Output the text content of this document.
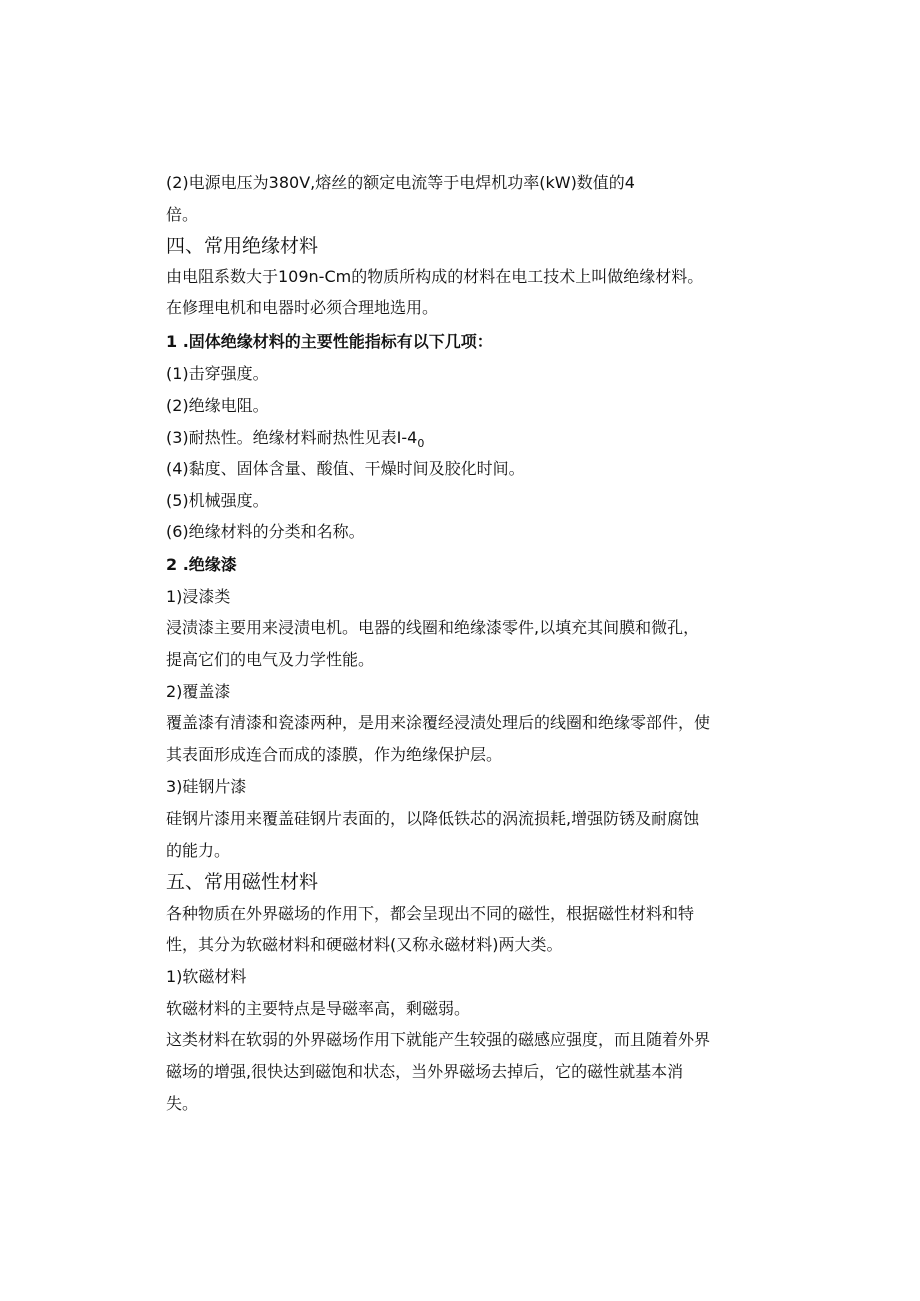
(2)电源电压为380V,熔丝的额定电流等于电焊机功率(kW)数值的4
倍。
四、常用绝缘材料
由电阻系数大于109n-Cm的物质所构成的材料在电工技术上叫做绝缘材料。
在修理电机和电器时必须合理地选用。
1 .固体绝缘材料的主要性能指标有以下几项：
(1)击穿强度。
(2)绝缘电阻。
(3)耐热性。绝缘材料耐热性见表$I-4_0$
(4)黏度、固体含量、酸值、干燥时间及胶化时间。
(5)机械强度。
(6)绝缘材料的分类和名称。
2 .绝缘漆
1)浸漆类
浸渍漆主要用来浸渍电机。电器的线圈和绝缘漆零件,以填充其间膜和微孔，
提高它们的电气及力学性能。
2)覆盖漆
覆盖漆有清漆和瓷漆两种，是用来涂覆经浸渍处理后的线圈和绝缘零部件，使
其表面形成连合而成的漆膜，作为绝缘保护层。
3)硅钢片漆
硅钢片漆用来覆盖硅钢片表面的，以降低铁芯的涡流损耗,增强防锈及耐腐蚀
的能力。
五、常用磁性材料
各种物质在外界磁场的作用下，都会呈现出不同的磁性，根据磁性材料和特
性，其分为软磁材料和硬磁材料(又称永磁材料)两大类。
1)软磁材料
软磁材料的主要特点是导磁率高，剩磁弱。
这类材料在软弱的外界磁场作用下就能产生较强的磁感应强度，而且随着外界
磁场的增强,很快达到磁饱和状态，当外界磁场去掉后，它的磁性就基本消
失。
